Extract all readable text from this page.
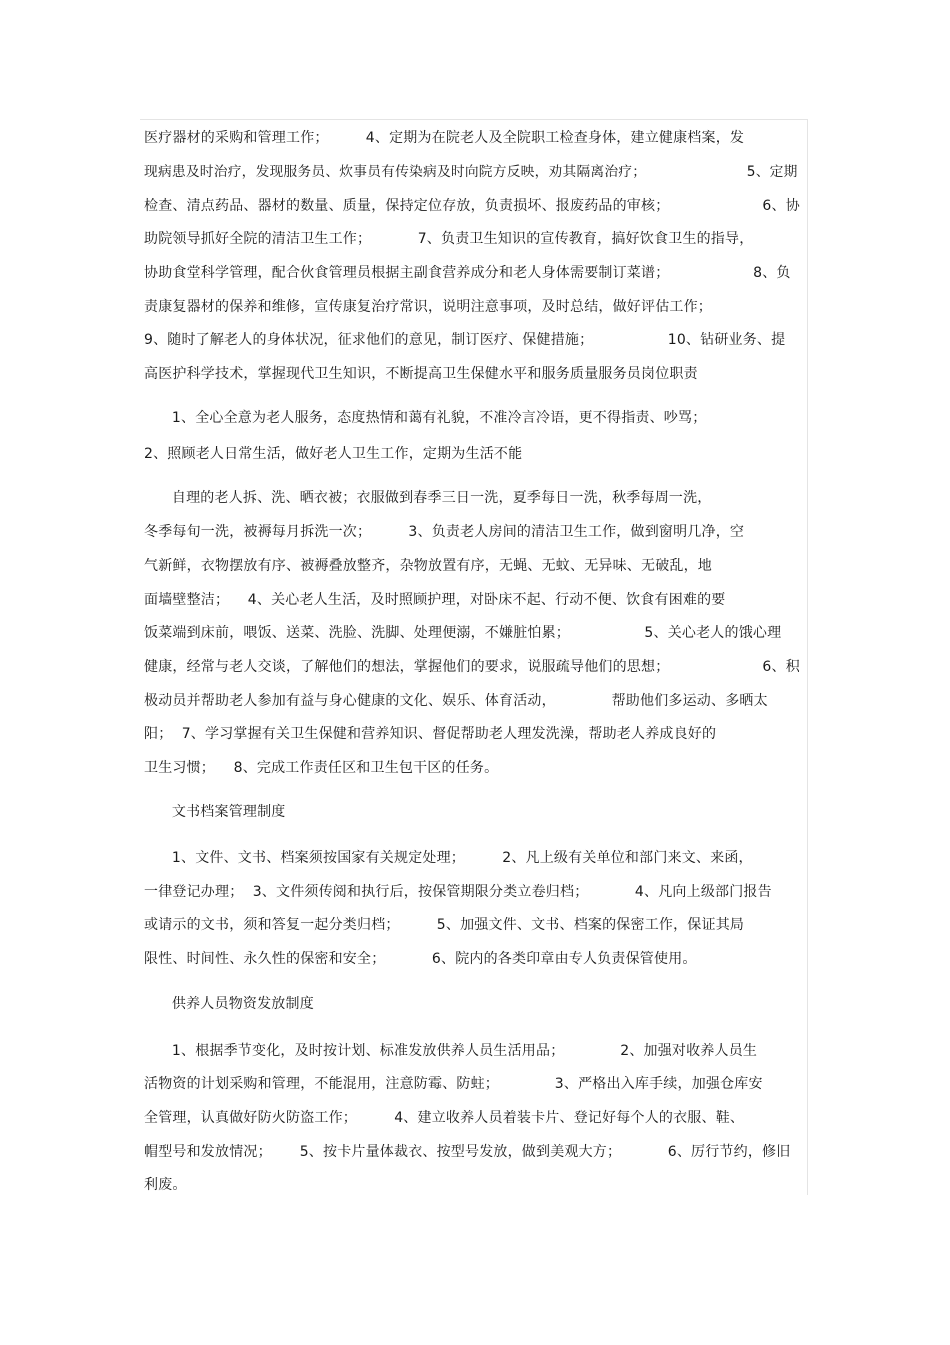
医疗器材的采购和管理工作；        4、定期为在院老人及全院职工检查身体，建立健康档案，发
现病患及时治疗，发现服务员、炊事员有传染病及时向院方反映，劝其隔离治疗；                      5、定期
检查、清点药品、器材的数量、质量，保持定位存放，负责损坏、报废药品的审核；                    6、协
助院领导抓好全院的清洁卫生工作；          7、负责卫生知识的宣传教育，搞好饮食卫生的指导，
协助食堂科学管理，配合伙食管理员根据主副食营养成分和老人身体需要制订菜谱；                  8、负
责康复器材的保养和维修，宣传康复治疗常识，说明注意事项，及时总结，做好评估工作；
9、随时了解老人的身体状况，征求他们的意见，制订医疗、保健措施；                10、钻研业务、提
高医护科学技术，掌握现代卫生知识，不断提高卫生保健水平和服务质量服务员岗位职责
1、全心全意为老人服务，态度热情和蔼有礼貌，不准冷言冷语，更不得指责、吵骂；
2、照顾老人日常生活，做好老人卫生工作，定期为生活不能
自理的老人拆、洗、晒衣被；衣服做到春季三日一洗，夏季每日一洗，秋季每周一洗，
冬季每旬一洗，被褥每月拆洗一次；        3、负责老人房间的清洁卫生工作，做到窗明几净，空
气新鲜，衣物摆放有序、被褥叠放整齐，杂物放置有序，无蝇、无蚊、无异味、无破乱，地
面墙壁整洁；    4、关心老人生活，及时照顾护理，对卧床不起、行动不便、饮食有困难的要
饭菜端到床前，喂饭、送菜、洗脸、洗脚、处理便溺，不嫌脏怕累；                5、关心老人的饿心理
健康，经常与老人交谈，了解他们的想法，掌握他们的要求，说服疏导他们的思想；                    6、积
极动员并帮助老人参加有益与身心健康的文化、娱乐、体育活动，            帮助他们多运动、多晒太
阳；  7、学习掌握有关卫生保健和营养知识、督促帮助老人理发洗澡，帮助老人养成良好的
卫生习惯；    8、完成工作责任区和卫生包干区的任务。
文书档案管理制度
1、文件、文书、档案须按国家有关规定处理；        2、凡上级有关单位和部门来文、来函，
一律登记办理；  3、文件须传阅和执行后，按保管期限分类立卷归档；          4、凡向上级部门报告
或请示的文书，须和答复一起分类归档；        5、加强文件、文书、档案的保密工作，保证其局
限性、时间性、永久性的保密和安全；          6、院内的各类印章由专人负责保管使用。
供养人员物资发放制度
1、根据季节变化，及时按计划、标准发放供养人员生活用品；            2、加强对收养人员生
活物资的计划采购和管理，不能混用，注意防霉、防蛀；            3、严格出入库手续，加强仓库安
全管理，认真做好防火防盗工作；        4、建立收养人员着装卡片、登记好每个人的衣服、鞋、
帽型号和发放情况；      5、按卡片量体裁衣、按型号发放，做到美观大方；          6、厉行节约，修旧
利废。
